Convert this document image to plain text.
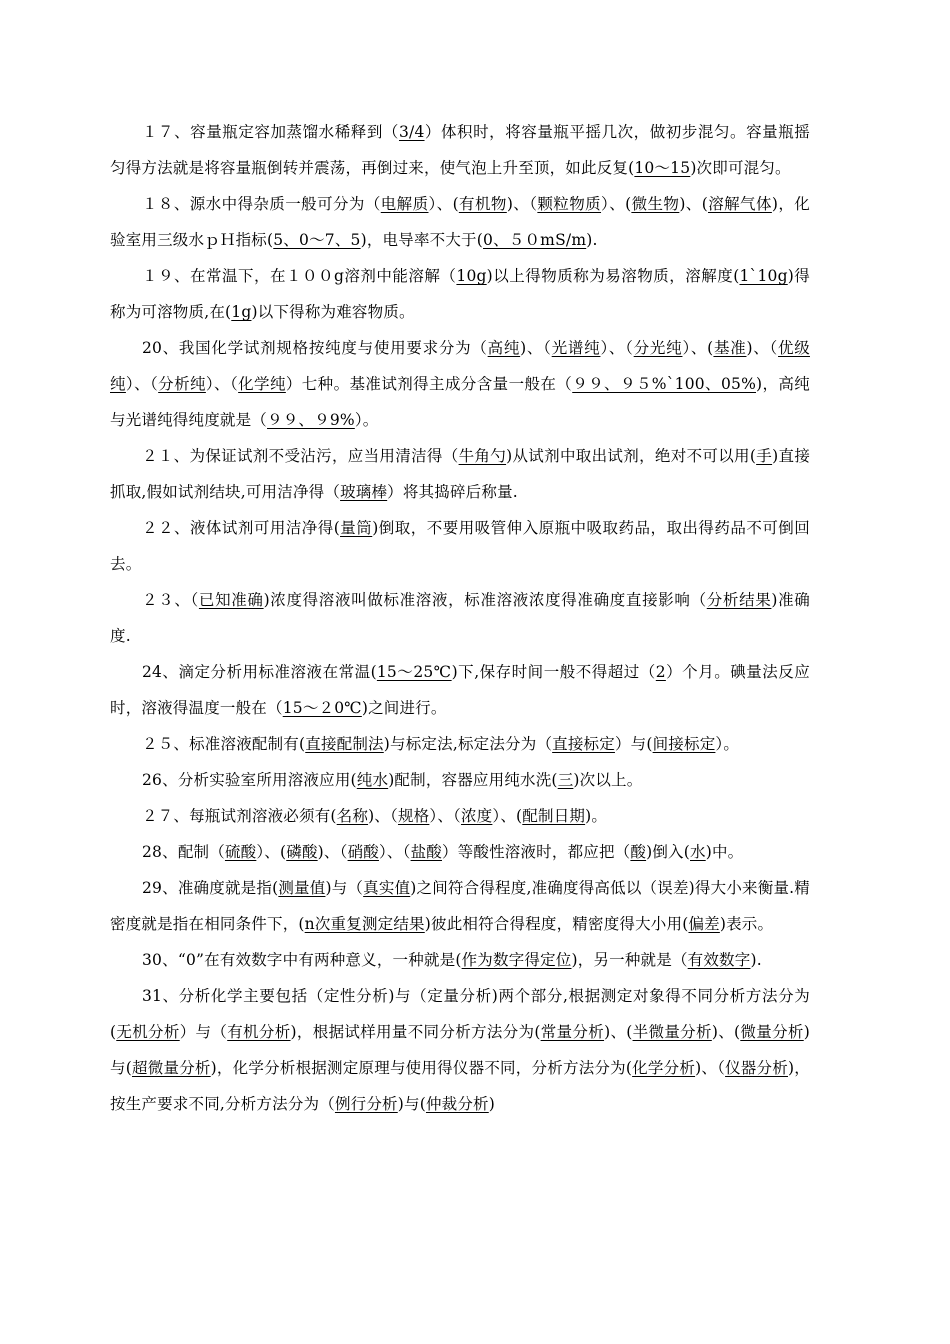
１７、容量瓶定容加蒸馏水稀释到（3/4）体积时，将容量瓶平摇几次，做初步混匀。容量瓶摇匀得方法就是将容量瓶倒转并震荡，再倒过来，使气泡上升至顶，如此反复(10～15)次即可混匀。

１８、源水中得杂质一般可分为（电解质）、(有机物)、（颗粒物质）、(微生物)、(溶解气体)，化验室用三级水ｐＨ指标(5、0～7、5)，电导率不大于(0、５０mS/m).

１９、在常温下，在１００g溶剂中能溶解（10g)以上得物质称为易溶物质，溶解度(1`10g)得称为可溶物质,在(1g)以下得称为难容物质。

20、我国化学试剂规格按纯度与使用要求分为（高纯)、（光谱纯）、（分光纯）、(基准)、（优级纯）、（分析纯）、（化学纯）七种。基准试剂得主成分含量一般在（９９、９５%`100、05%)，高纯与光谱纯得纯度就是（９９、９9%）。

２１、为保证试剂不受沾污，应当用清洁得（牛角勺)从试剂中取出试剂，绝对不可以用(手)直接抓取,假如试剂结块,可用洁净得（玻璃棒）将其捣碎后称量.

２２、液体试剂可用洁净得(量筒)倒取，不要用吸管伸入原瓶中吸取药品，取出得药品不可倒回去。

２３、（已知准确)浓度得溶液叫做标准溶液，标准溶液浓度得准确度直接影响（分析结果)准确度.

24、滴定分析用标准溶液在常温(15～25℃)下,保存时间一般不得超过（2）个月。碘量法反应时，溶液得温度一般在（15～２0℃)之间进行。

２５、标准溶液配制有(直接配制法)与标定法,标定法分为（直接标定）与(间接标定）。

26、分析实验室所用溶液应用(纯水)配制，容器应用纯水洗(三)次以上。

２７、每瓶试剂溶液必须有(名称)、（规格）、（浓度）、(配制日期)。

28、配制（硫酸）、(磷酸)、（硝酸）、（盐酸）等酸性溶液时，都应把（酸)倒入(水)中。

29、准确度就是指(测量值)与（真实值)之间符合得程度,准确度得高低以（误差)得大小来衡量.精密度就是指在相同条件下，(n次重复测定结果)彼此相符合得程度，精密度得大小用(偏差)表示。

30、“0”在有效数字中有两种意义，一种就是(作为数字得定位)，另一种就是（有效数字).

31、分析化学主要包括（定性分析)与（定量分析)两个部分,根据测定对象得不同分析方法分为(无机分析）与（有机分析)，根据试样用量不同分析方法分为(常量分析)、(半微量分析)、(微量分析)与(超微量分析)，化学分析根据测定原理与使用得仪器不同，分析方法分为(化学分析)、（仪器分析)，按生产要求不同,分析方法分为（例行分析)与(仲裁分析)
